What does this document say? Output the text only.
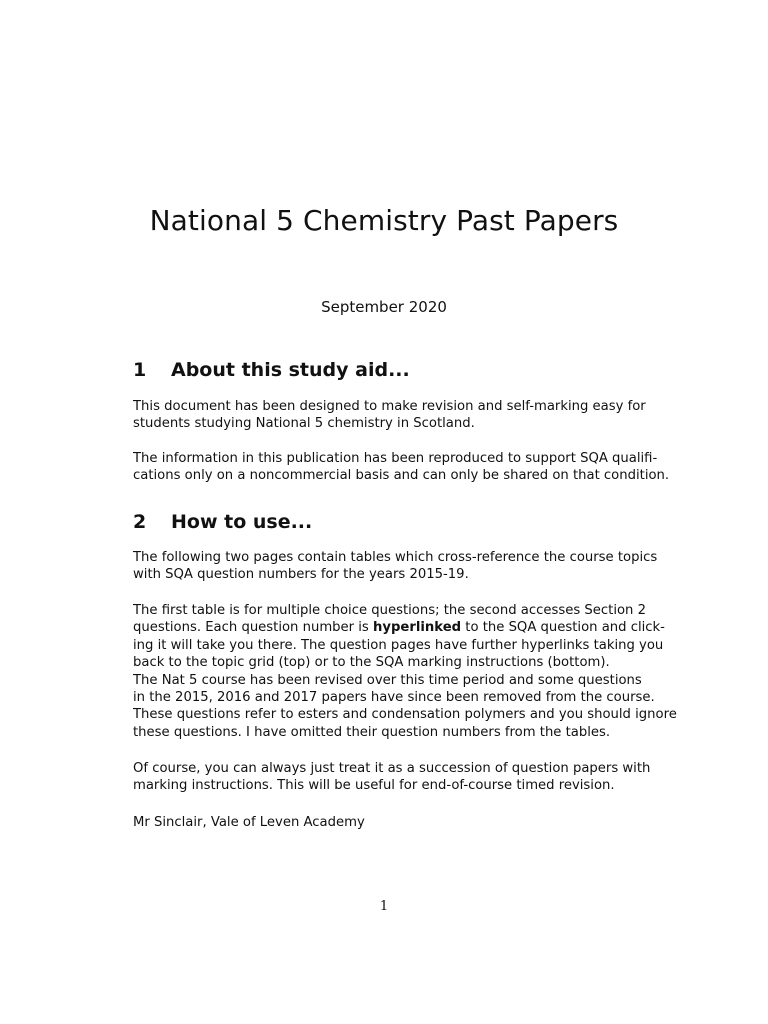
National 5 Chemistry Past Papers

September 2020

1	About this study aid...

This document has been designed to make revision and self-marking easy for
students studying National 5 chemistry in Scotland.

The information in this publication has been reproduced to support SQA qualifi-
cations only on a noncommercial basis and can only be shared on that condition.

2	How to use...

The following two pages contain tables which cross-reference the course topics
with SQA question numbers for the years 2015-19.

The first table is for multiple choice questions; the second accesses Section 2
questions. Each question number is hyperlinked to the SQA question and click-
ing it will take you there. The question pages have further hyperlinks taking you
back to the topic grid (top) or to the SQA marking instructions (bottom).
The Nat 5 course has been revised over this time period and some questions
in the 2015, 2016 and 2017 papers have since been removed from the course.
These questions refer to esters and condensation polymers and you should ignore
these questions. I have omitted their question numbers from the tables.

Of course, you can always just treat it as a succession of question papers with
marking instructions. This will be useful for end-of-course timed revision.

Mr Sinclair, Vale of Leven Academy

1
